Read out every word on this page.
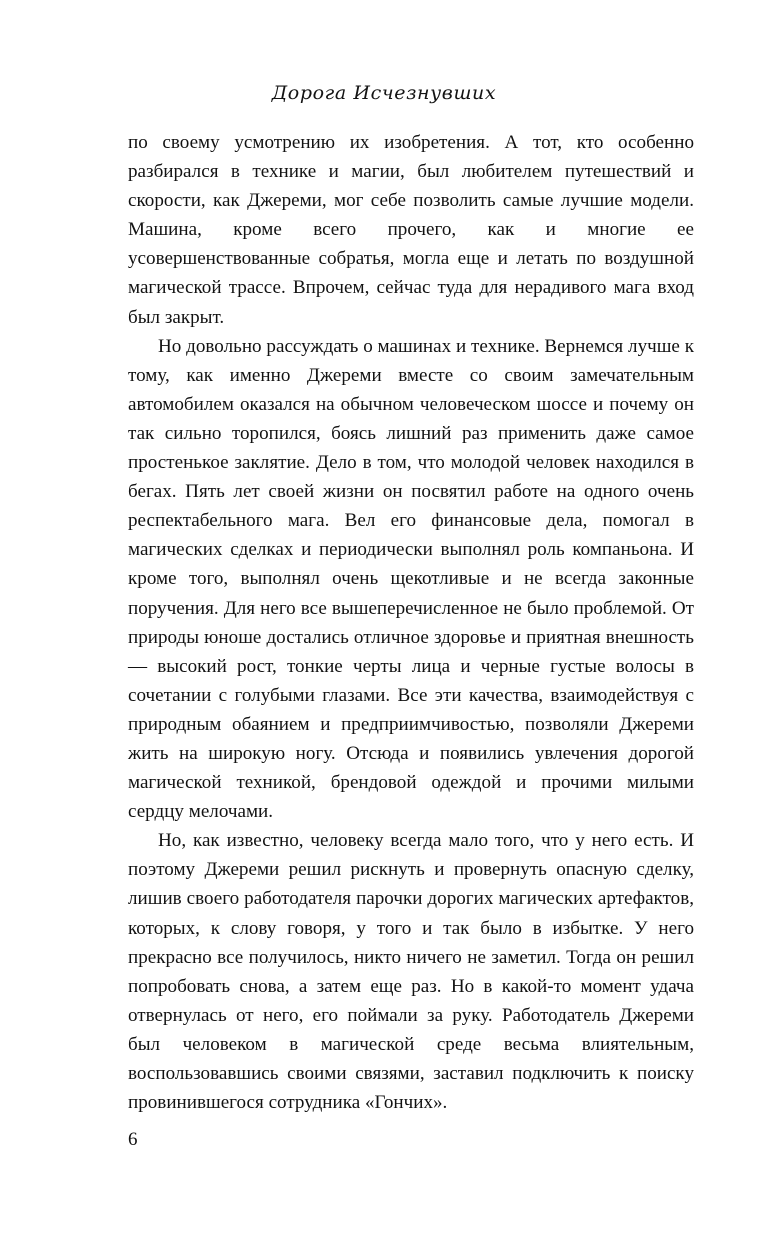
Дорога Исчезнувших

по своему усмотрению их изобретения. А тот, кто особенно разбирался в технике и магии, был любителем путешествий и скорости, как Джереми, мог себе позволить самые лучшие модели. Машина, кроме всего прочего, как и многие ее усовершенствованные собратья, могла еще и летать по воздушной магической трассе. Впрочем, сейчас туда для нерадивого мага вход был закрыт.

Но довольно рассуждать о машинах и технике. Вернемся лучше к тому, как именно Джереми вместе со своим замечательным автомобилем оказался на обычном человеческом шоссе и почему он так сильно торопился, боясь лишний раз применить даже самое простенькое заклятие. Дело в том, что молодой человек находился в бегах. Пять лет своей жизни он посвятил работе на одного очень респектабельного мага. Вел его финансовые дела, помогал в магических сделках и периодически выполнял роль компаньона. И кроме того, выполнял очень щекотливые и не всегда законные поручения. Для него все вышеперечисленное не было проблемой. От природы юноше достались отличное здоровье и приятная внешность — высокий рост, тонкие черты лица и черные густые волосы в сочетании с голубыми глазами. Все эти качества, взаимодействуя с природным обаянием и предприимчивостью, позволяли Джереми жить на широкую ногу. Отсюда и появились увлечения дорогой магической техникой, брендовой одеждой и прочими милыми сердцу мелочами.

Но, как известно, человеку всегда мало того, что у него есть. И поэтому Джереми решил рискнуть и провернуть опасную сделку, лишив своего работодателя парочки дорогих магических артефактов, которых, к слову говоря, у того и так было в избытке. У него прекрасно все получилось, никто ничего не заметил. Тогда он решил попробовать снова, а затем еще раз. Но в какой-то момент удача отвернулась от него, его поймали за руку. Работодатель Джереми был человеком в магической среде весьма влиятельным, воспользовавшись своими связями, заставил подключить к поиску провинившегося сотрудника «Гончих».

6
